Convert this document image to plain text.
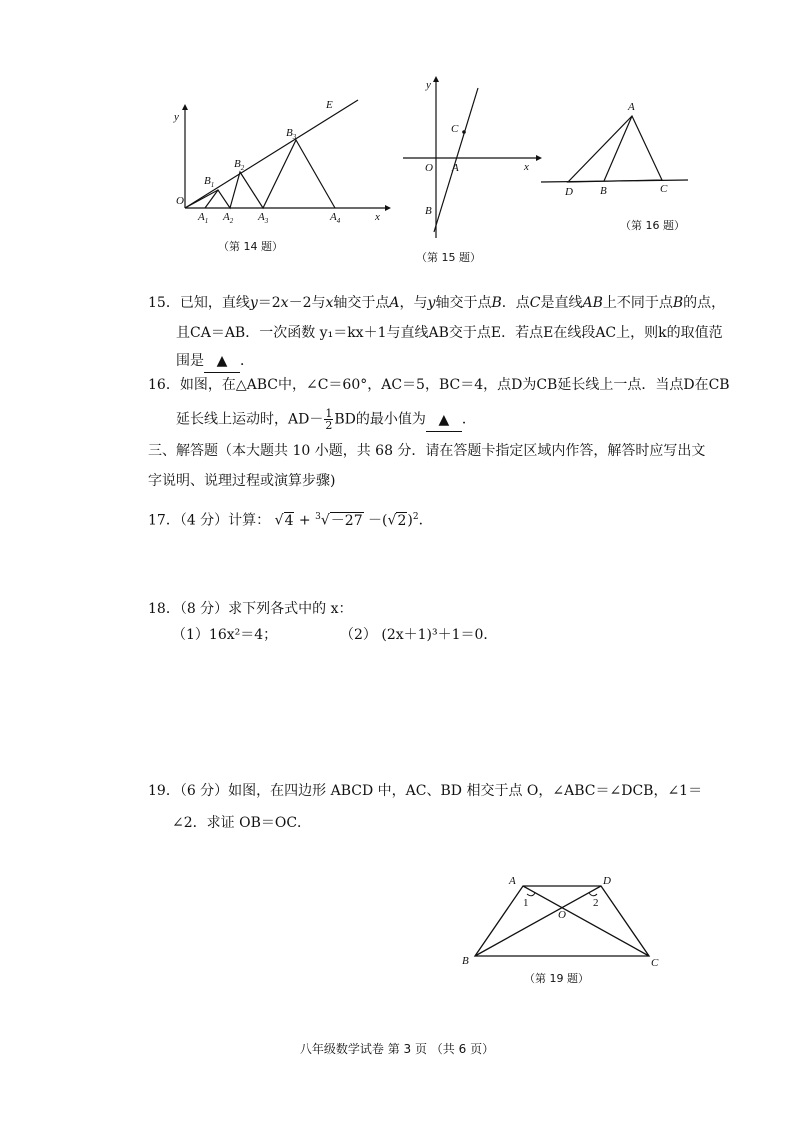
y
x
O
E
$B_1$
$B_2$
$B_3$
$A_1$ $A_2$ $A_3$	$A_4$
（第 14 题）
y
x
O A
B
C
（第 15 题）
A
B	C
D
（第 16 题）
15．已知，直线y＝2x－2与x轴交于点A，与y轴交于点B．点C是直线AB上不同于点B的点，
且CA＝AB．一次函数 y₁＝kx＋1与直线AB交于点E．若点E在线段AC上，则k的取值范
围是 ▲ ．
16．如图，在△ABC中，∠C＝60°，AC＝5，BC＝4，点D为CB延长线上一点．当点D在CB
延长线上运动时，$AD- \frac{1}{2}$ BD的最小值为 ▲ ．
三、解答题（本大题共 10 小题，共 68 分．请在答题卡指定区域内作答，解答时应写出文
字说明、说理过程或演算步骤)
17．（4 分）计算： $√4 + ^3√-27 -(√2)^2$．
18．（8 分）求下列各式中的 x：
（1）16x²＝4；	（2） (2x＋1)³＋1＝0．
19．（6 分）如图，在四边形 ABCD 中，AC、BD 相交于点 O，∠ABC＝∠DCB，∠1＝
∠2．求证 OB＝OC．
A	D
B	C
O
1	2
（第 19 题）
八年级数学试卷 第 3 页 （共 6 页）
